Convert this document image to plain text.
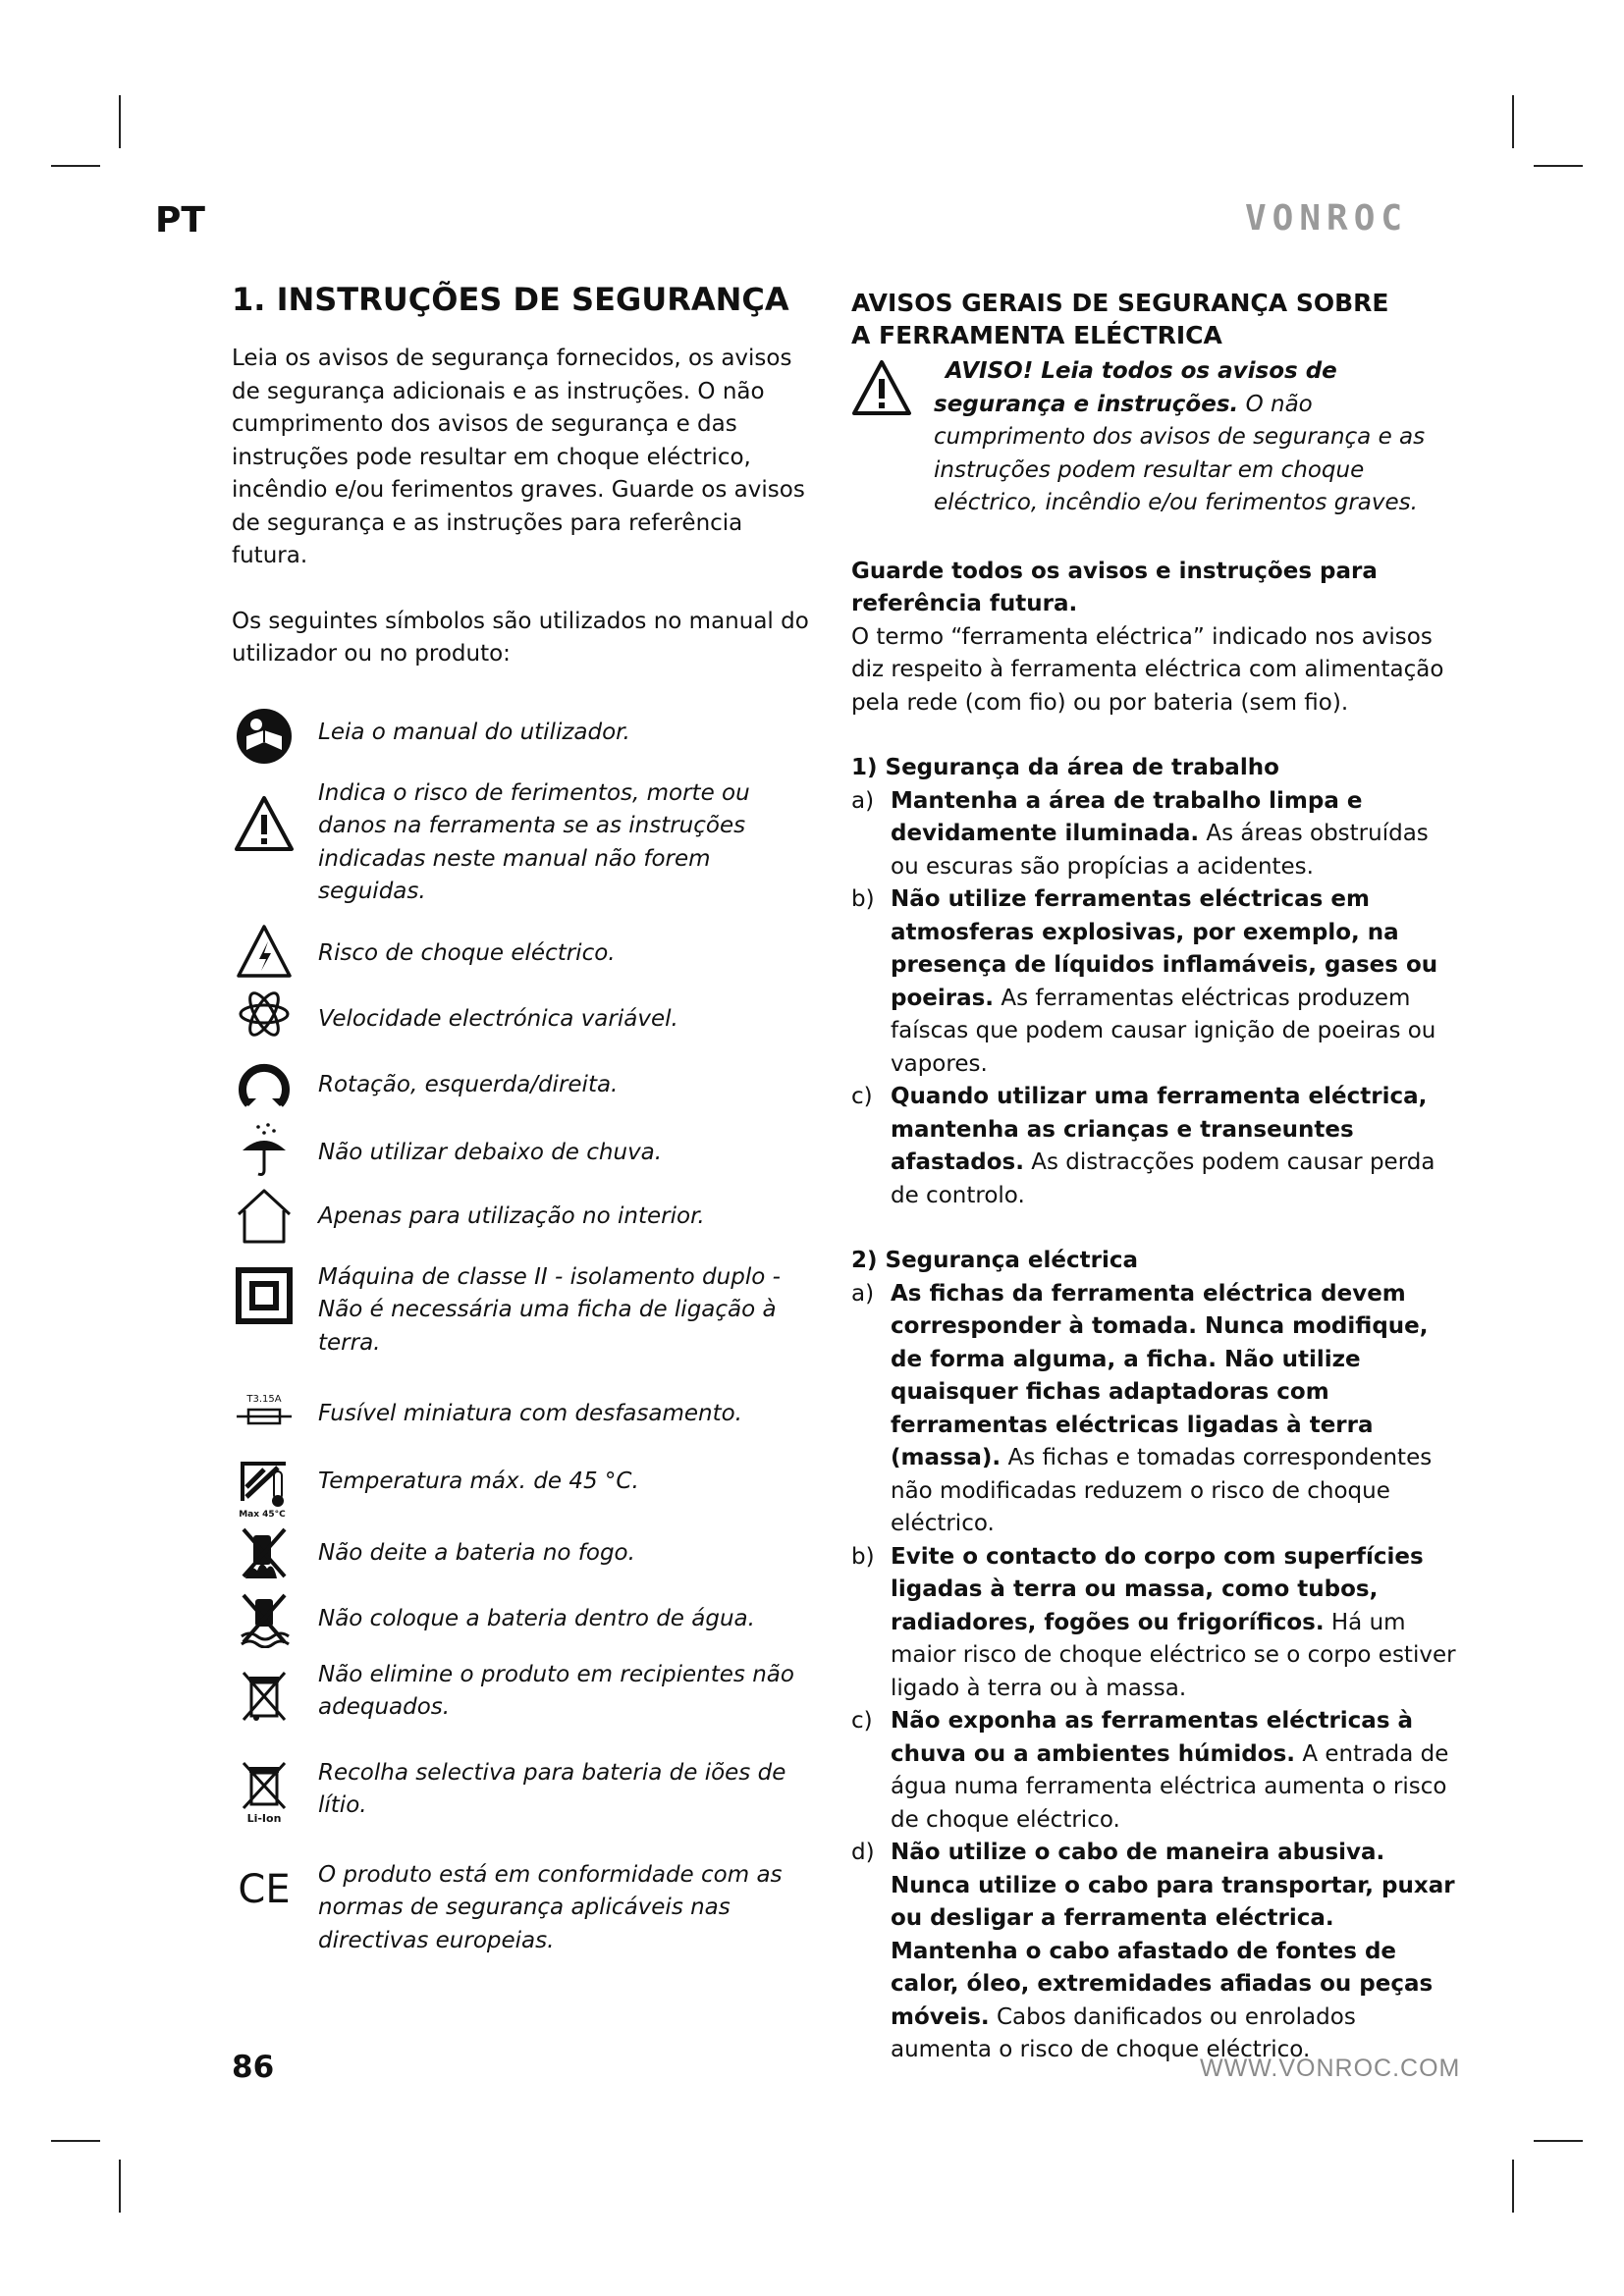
PT	VONROC
1. INSTRUÇÕES DE SEGURANÇA

Leia os avisos de segurança fornecidos, os avisos de segurança adicionais e as instruções. O não cumprimento dos avisos de segurança e das instruções pode resultar em choque eléctrico, incêndio e/ou ferimentos graves. Guarde os avisos de segurança e as instruções para referência futura.

Os seguintes símbolos são utilizados no manual do utilizador ou no produto:

Leia o manual do utilizador.

Indica o risco de ferimentos, morte ou danos na ferramenta se as instruções indicadas neste manual não forem seguidas.

Risco de choque eléctrico.
Velocidade electrónica variável.
Rotação, esquerda/direita.
Não utilizar debaixo de chuva.
Apenas para utilização no interior.

Máquina de classe II - isolamento duplo - Não é necessária uma ficha de ligação à terra.

T3.15A
Fusível miniatura com desfasamento.
Max 45°C
Temperatura máx. de 45 °C.
Não deite a bateria no fogo.
Não coloque a bateria dentro de água.

Não elimine o produto em recipientes não adequados.

Li-Ion

Recolha selectiva para bateria de iões de lítio.

CE O produto está em conformidade com as normas de segurança aplicáveis nas directivas europeias.

AVISOS GERAIS DE SEGURANÇA SOBRE
A FERRAMENTA ELÉCTRICA

AVISO! Leia todos os avisos de segurança e instruções. O não cumprimento dos avisos de segurança e as instruções podem resultar em choque eléctrico, incêndio e/ou ferimentos graves.

Guarde todos os avisos e instruções para referência futura.

O termo “ferramenta eléctrica” indicado nos avisos diz respeito à ferramenta eléctrica com alimentação pela rede (com fio) ou por bateria (sem fio).

1) Segurança da área de trabalho
a) Mantenha a área de trabalho limpa e devidamente iluminada. As áreas obstruídas ou escuras são propícias a acidentes.
b) Não utilize ferramentas eléctricas em atmosferas explosivas, por exemplo, na presença de líquidos inflamáveis, gases ou poeiras. As ferramentas eléctricas produzem faíscas que podem causar ignição de poeiras ou vapores.
c) Quando utilizar uma ferramenta eléctrica, mantenha as crianças e transeuntes afastados. As distracções podem causar perda de controlo.
2) Segurança eléctrica
a) As fichas da ferramenta eléctrica devem corresponder à tomada. Nunca modifique, de forma alguma, a ficha. Não utilize quaisquer fichas adaptadoras com ferramentas eléctricas ligadas à terra (massa). As fichas e tomadas correspondentes não modificadas reduzem o risco de choque eléctrico.
b) Evite o contacto do corpo com superfícies ligadas à terra ou massa, como tubos, radiadores, fogões ou frigoríficos. Há um maior risco de choque eléctrico se o corpo estiver ligado à terra ou à massa.
c) Não exponha as ferramentas eléctricas à chuva ou a ambientes húmidos. A entrada de água numa ferramenta eléctrica aumenta o risco de choque eléctrico.
d) Não utilize o cabo de maneira abusiva. Nunca utilize o cabo para transportar, puxar ou desligar a ferramenta eléctrica. Mantenha o cabo afastado de fontes de calor, óleo, extremidades afiadas ou peças móveis. Cabos danificados ou enrolados aumenta o risco de choque eléctrico.
86	WWW.VONROC.COM
